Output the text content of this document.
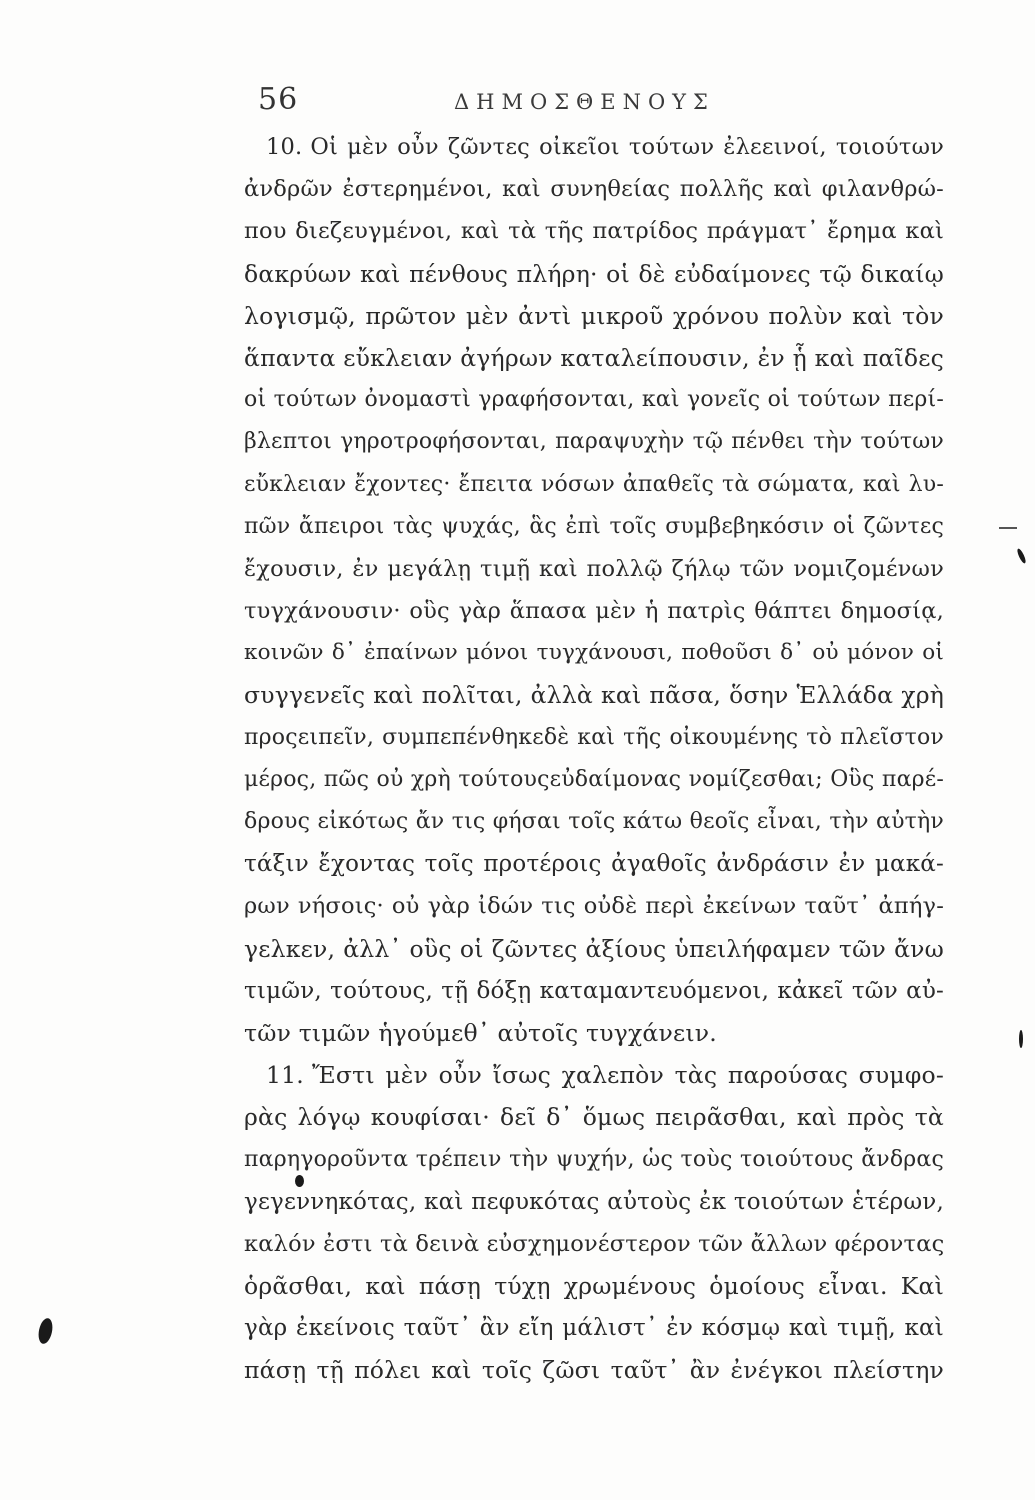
56	ΔΗΜΟΣΘΕΝΟΥΣ
10. Οἱ μὲν οὖν ζῶντες οἰκεῖοι τούτων ἐλεεινοί, τοιούτων
ἀνδρῶν ἐστερημένοι, καὶ συνηθείας πολλῆς καὶ φιλανθρώ-
που διεζευγμένοι, καὶ τὰ τῆς πατρίδος πράγματ᾽ ἔρημα καὶ
δακρύων καὶ πένθους πλήρη· οἱ δὲ εὐδαίμονες τῷ δικαίῳ
λογισμῷ, πρῶτον μὲν ἀντὶ μικροῦ χρόνου πολὺν καὶ τὸν
ἅπαντα εὔκλειαν ἀγήρων καταλείπουσιν, ἐν ᾗ καὶ παῖδες
οἱ τούτων ὀνομαστὶ γραφήσονται, καὶ γονεῖς οἱ τούτων περί-
βλεπτοι γηροτροφήσονται, παραψυχὴν τῷ πένθει τὴν τούτων
εὔκλειαν ἔχοντες· ἔπειτα νόσων ἀπαθεῖς τὰ σώματα, καὶ λυ-
πῶν ἄπειροι τὰς ψυχάς, ἃς ἐπὶ τοῖς συμβεβηκόσιν οἱ ζῶντες
ἔχουσιν, ἐν μεγάλῃ τιμῇ καὶ πολλῷ ζήλῳ τῶν νομιζομένων
τυγχάνουσιν· οὓς γὰρ ἅπασα μὲν ἡ πατρὶς θάπτει δημοσίᾳ,
κοινῶν δ᾽ ἐπαίνων μόνοι τυγχάνουσι, ποθοῦσι δ᾽ οὐ μόνον οἱ
συγγενεῖς καὶ πολῖται, ἀλλὰ καὶ πᾶσα, ὅσην Ἑλλάδα χρὴ
προςειπεῖν, συμπεπένθηκεδὲ καὶ τῆς οἰκουμένης τὸ πλεῖστον
μέρος, πῶς οὐ χρὴ τούτουςεὐδαίμονας νομίζεσθαι; Οὓς παρέ-
δρους εἰκότως ἄν τις φήσαι τοῖς κάτω θεοῖς εἶναι, τὴν αὐτὴν
τάξιν ἔχοντας τοῖς προτέροις ἀγαθοῖς ἀνδράσιν ἐν μακά-
ρων νήσοις· οὐ γὰρ ἰδών τις οὐδὲ περὶ ἐκείνων ταῦτ᾽ ἀπήγ-
γελκεν, ἀλλ᾽ οὓς οἱ ζῶντες ἀξίους ὑπειλήφαμεν τῶν ἄνω
τιμῶν, τούτους, τῇ δόξῃ καταμαντευόμενοι, κἀκεῖ τῶν αὐ-
τῶν τιμῶν ἡγούμεθ᾽ αὐτοῖς τυγχάνειν.
11. Ἔστι μὲν οὖν ἴσως χαλεπὸν τὰς παρούσας συμφο-
ρὰς λόγῳ κουφίσαι· δεῖ δ᾽ ὅμως πειρᾶσθαι, καὶ πρὸς τὰ
παρηγοροῦντα τρέπειν τὴν ψυχήν, ὡς τοὺς τοιούτους ἄνδρας
γεγεννηκότας, καὶ πεφυκότας αὐτοὺς ἐκ τοιούτων ἑτέρων,
καλόν ἐστι τὰ δεινὰ εὐσχημονέστερον τῶν ἄλλων φέροντας
ὁρᾶσθαι, καὶ πάσῃ τύχῃ χρωμένους ὁμοίους εἶναι. Καὶ
γὰρ ἐκείνοις ταῦτ᾽ ἂν εἴη μάλιστ᾽ ἐν κόσμῳ καὶ τιμῇ, καὶ
πάσῃ τῇ πόλει καὶ τοῖς ζῶσι ταῦτ᾽ ἂν ἐνέγκοι πλείστην
